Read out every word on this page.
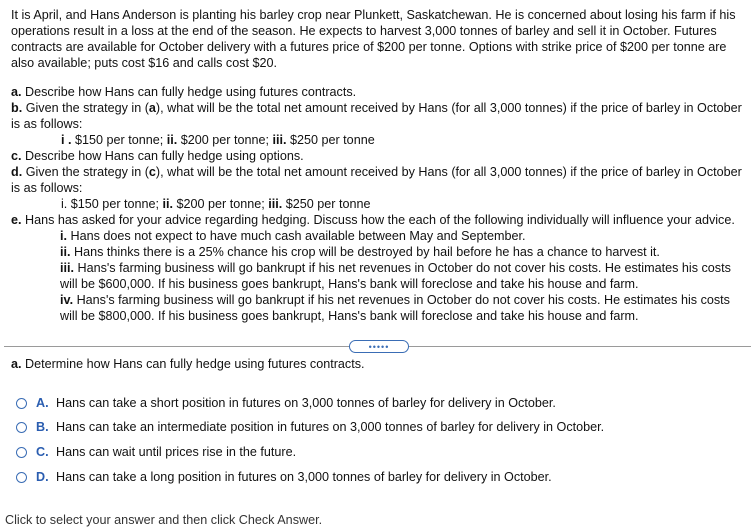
It is April, and Hans Anderson is planting his barley crop near Plunkett, Saskatchewan. He is concerned about losing his farm if his operations result in a loss at the end of the season. He expects to harvest 3,000 tonnes of barley and sell it in October. Futures contracts are available for October delivery with a futures price of $200 per tonne. Options with strike price of $200 per tonne are also available; puts cost $16 and calls cost $20.

a. Describe how Hans can fully hedge using futures contracts.

b. Given the strategy in (a), what will be the total net amount received by Hans (for all 3,000 tonnes) if the price of barley in October is as follows:

i . $150 per tonne; ii. $200 per tonne; iii. $250 per tonne

c. Describe how Hans can fully hedge using options.

d. Given the strategy in (c), what will be the total net amount received by Hans (for all 3,000 tonnes) if the price of barley in October is as follows:

i. $150 per tonne; ii. $200 per tonne; iii. $250 per tonne

e. Hans has asked for your advice regarding hedging. Discuss how the each of the following individually will influence your advice.

i. Hans does not expect to have much cash available between May and September.

ii. Hans thinks there is a 25% chance his crop will be destroyed by hail before he has a chance to harvest it.

iii. Hans's farming business will go bankrupt if his net revenues in October do not cover his costs. He estimates his costs will be $600,000. If his business goes bankrupt, Hans's bank will foreclose and take his house and farm.

iv. Hans's farming business will go bankrupt if his net revenues in October do not cover his costs. He estimates his costs will be $800,000. If his business goes bankrupt, Hans's bank will foreclose and take his house and farm.

•••••
a. Determine how Hans can fully hedge using futures contracts.
A. Hans can take a short position in futures on 3,000 tonnes of barley for delivery in October.
B. Hans can take an intermediate position in futures on 3,000 tonnes of barley for delivery in October.
C. Hans can wait until prices rise in the future.
D. Hans can take a long position in futures on 3,000 tonnes of barley for delivery in October.
Click to select your answer and then click Check Answer.
